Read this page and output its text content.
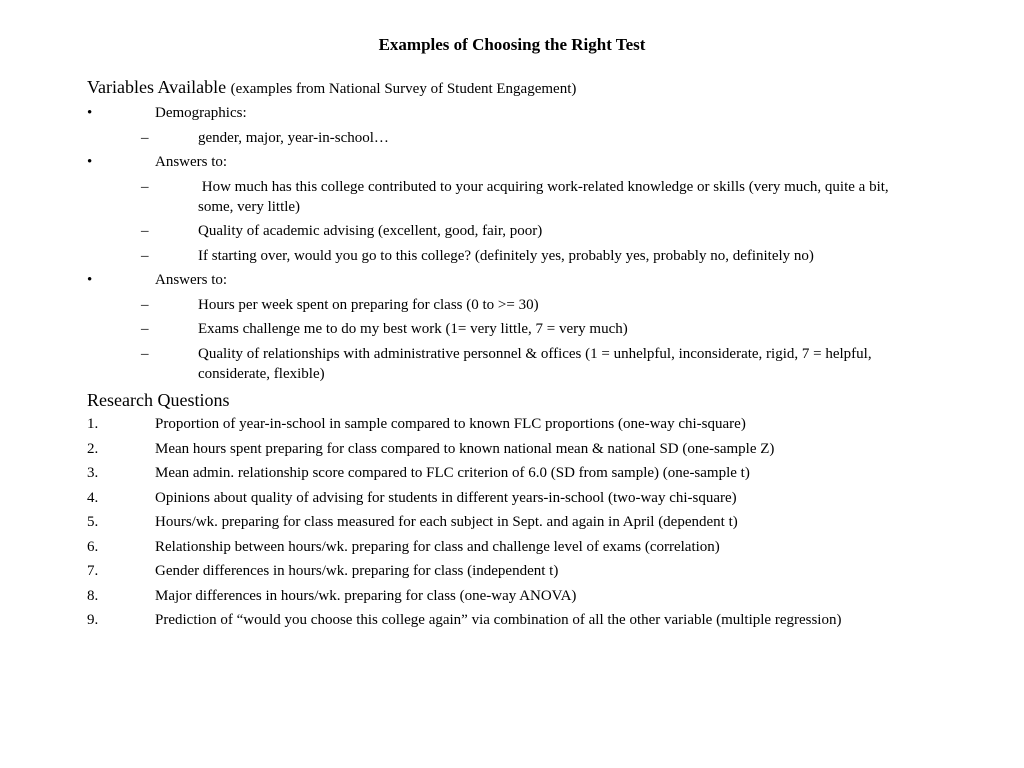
Examples of Choosing the Right Test
Variables Available (examples from National Survey of Student Engagement)
•	Demographics:
–	gender, major, year-in-school…
•	Answers to:
–	How much has this college contributed to your acquiring work-related knowledge or skills (very much, quite a bit, some, very little)
–	Quality of academic advising (excellent, good, fair, poor)
–	If starting over, would you go to this college? (definitely yes, probably yes, probably no, definitely no)
•	Answers to:
–	Hours per week spent on preparing for class (0 to >= 30)
–	Exams challenge me to do my best work (1= very little, 7 = very much)
–	Quality of relationships with administrative personnel & offices (1 = unhelpful, inconsiderate, rigid, 7 = helpful, considerate, flexible)
Research Questions
1.	Proportion of year-in-school in sample compared to known FLC proportions (one-way chi-square)
2.	Mean hours spent preparing for class compared to known national mean & national SD (one-sample Z)
3.	Mean admin. relationship score compared to FLC criterion of 6.0 (SD from sample) (one-sample t)
4.	Opinions about quality of advising for students in different years-in-school (two-way chi-square)
5.	Hours/wk. preparing for class measured for each subject in Sept. and again in April (dependent t)
6.	Relationship between hours/wk. preparing for class and challenge level of exams (correlation)
7.	Gender differences in hours/wk. preparing for class (independent t)
8.	Major differences in hours/wk. preparing for class (one-way ANOVA)
9.	Prediction of “would you choose this college again” via combination of all the other variable (multiple regression)
